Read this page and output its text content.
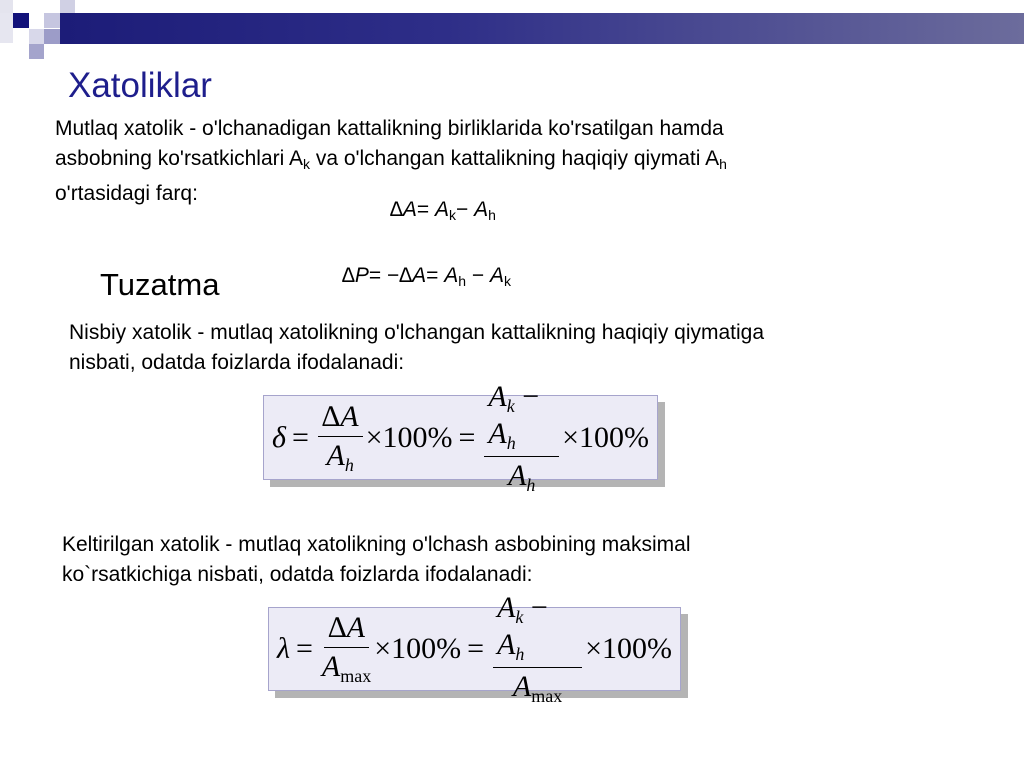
Xatoliklar
Mutlaq xatolik - o'lchanadigan kattalikning birliklarida ko'rsatilgan hamda
asbobning ko'rsatkichlari $A_k$ va o'lchangan kattalikning haqiqiy qiymati $A_h$
o'rtasidagi farq:
$\Delta A= A_k- A_h$
Tuzatma	$\Delta P= -\Delta A= A_h - A_k$
Nisbiy xatolik - mutlaq xatolikning o'lchangan kattalikning haqiqiy qiymatiga
nisbati, odatda foizlarda ifodalanadi:
$\delta = \frac{\Delta A}{A_h} \times 100\% = \frac{A_k - A_h}{A_h} \times 100\%$
Keltirilgan xatolik - mutlaq xatolikning o'lchash asbobining maksimal
ko`rsatkichiga nisbati, odatda foizlarda ifodalanadi:
$\lambda = \frac{\Delta A}{A_{max}} \times 100\% = \frac{A_k - A_h}{A_{max}} \times 100\%$
